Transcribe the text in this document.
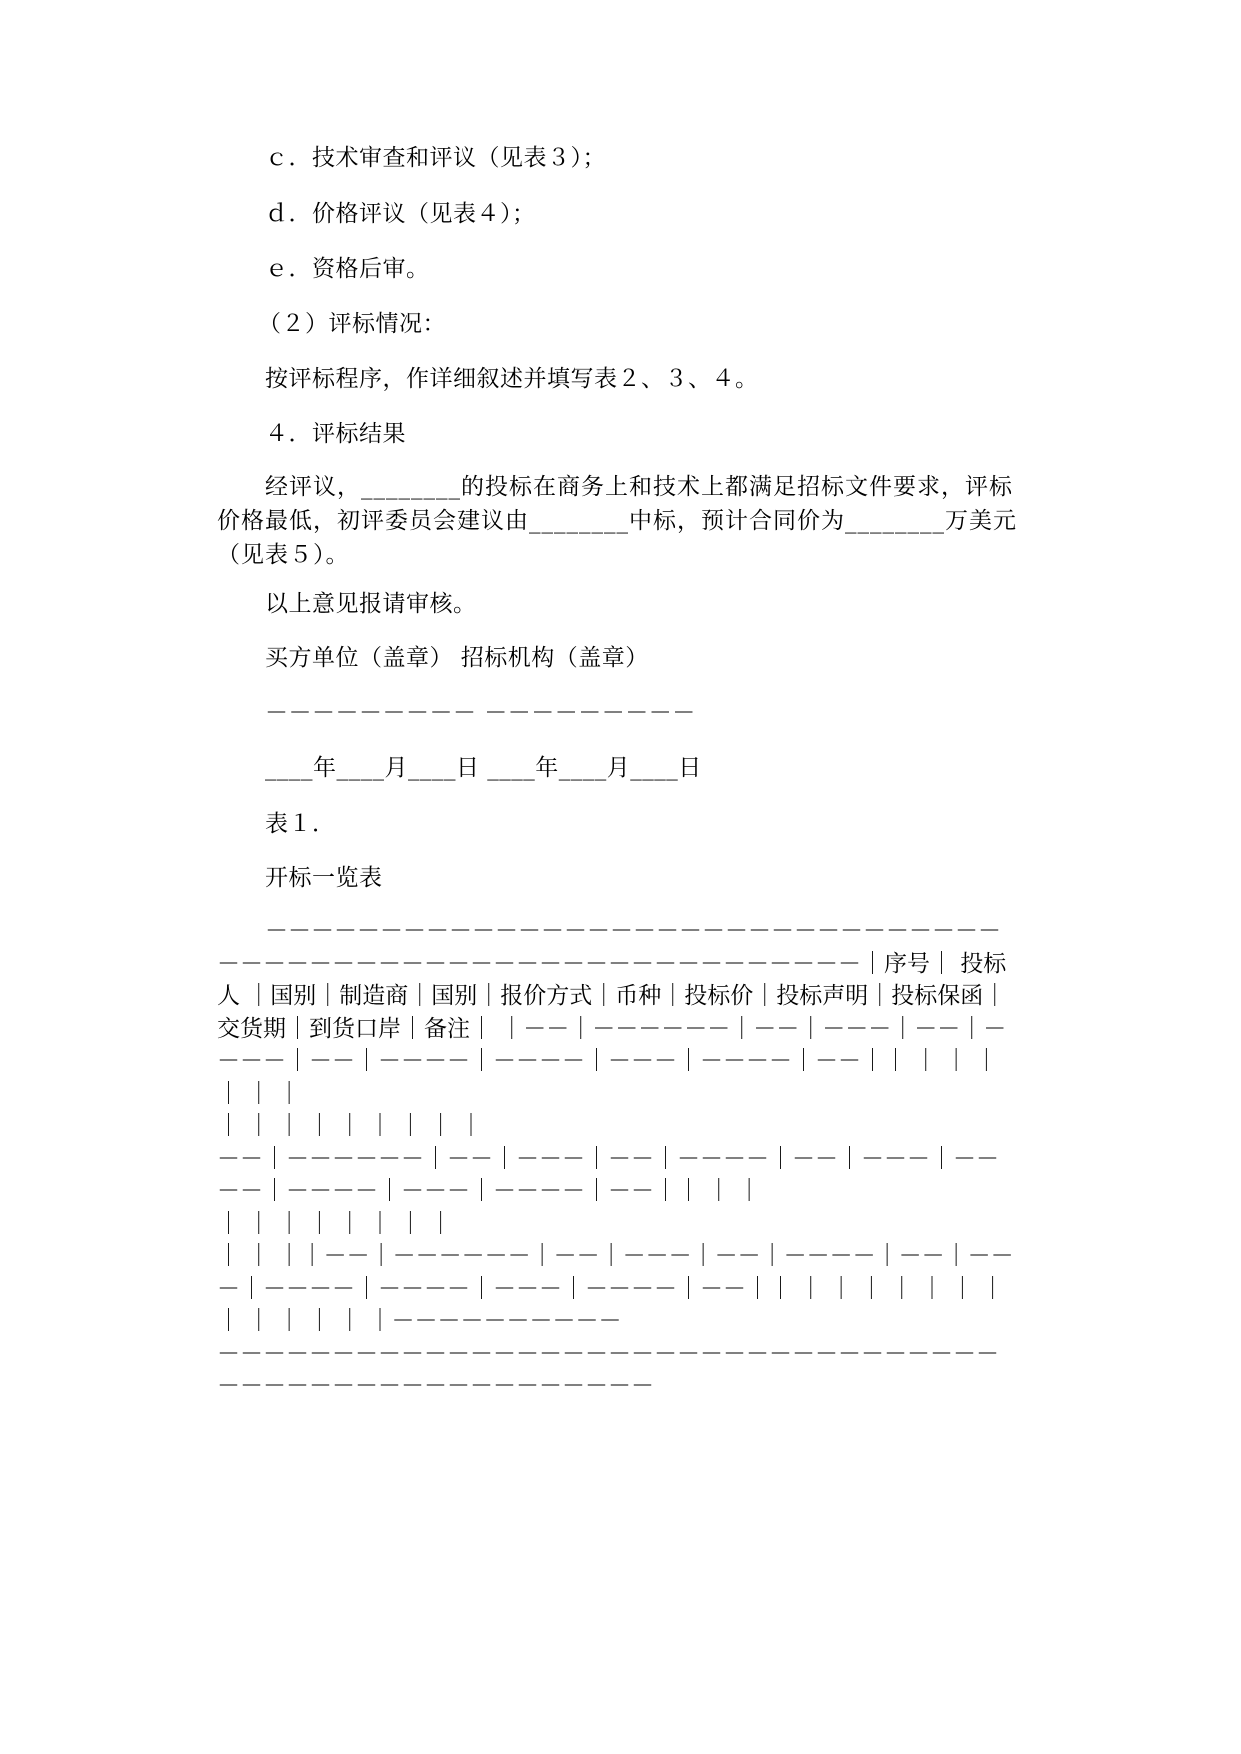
ｃ．技术审查和评议（见表３）；
ｄ．价格评议（见表４）；
ｅ．资格后审。
（２）评标情况：
按评标程序，作详细叙述并填写表２、３、４。
４．评标结果
经评议，________的投标在商务上和技术上都满足招标文件要求，评标价格最低，初评委员会建议由________中标，预计合同价为________万美元（见表５）。
以上意见报请审核。
买方单位（盖章） 招标机构（盖章）
－－－－－－－－－ －－－－－－－－－
____年____月____日 ____年____月____日
表１．
开标一览表
－－－－－－－－－－－－－－－－－－－－－－－－－－－－－－－－－－－－－－－－－－－－－－－－－－－－－－－－－－－－｜序号｜ 投标人 ｜国别｜制造商｜国别｜报价方式｜币种｜投标价｜投标声明｜投标保函｜交货期｜到货口岸｜备注｜ ｜－－｜－－－－－－｜－－｜－－－｜－－｜－－－－｜－－｜－－－－｜－－－－｜－－－｜－－－－｜－－｜｜ ｜ ｜ ｜ ｜ ｜ ｜
｜ ｜ ｜ ｜ ｜ ｜ ｜ ｜ ｜
－－｜－－－－－－｜－－｜－－－｜－－｜－－－－｜－－｜－－－｜－－－－｜－－－－｜－－－｜－－－－｜－－｜｜ ｜ ｜
｜ ｜ ｜ ｜ ｜ ｜ ｜ ｜
｜ ｜ ｜｜－－｜－－－－－－｜－－｜－－－｜－－｜－－－－｜－－｜－－－｜－－－－｜－－－－｜－－－｜－－－－｜－－｜｜ ｜ ｜ ｜ ｜ ｜ ｜ ｜
｜ ｜ ｜ ｜ ｜ ｜－－－－－－－－－－
－－－－－－－－－－－－－－－－－－－－－－－－－－－－－－－－－－－－－－－－－－－－－－－－－－－－－
